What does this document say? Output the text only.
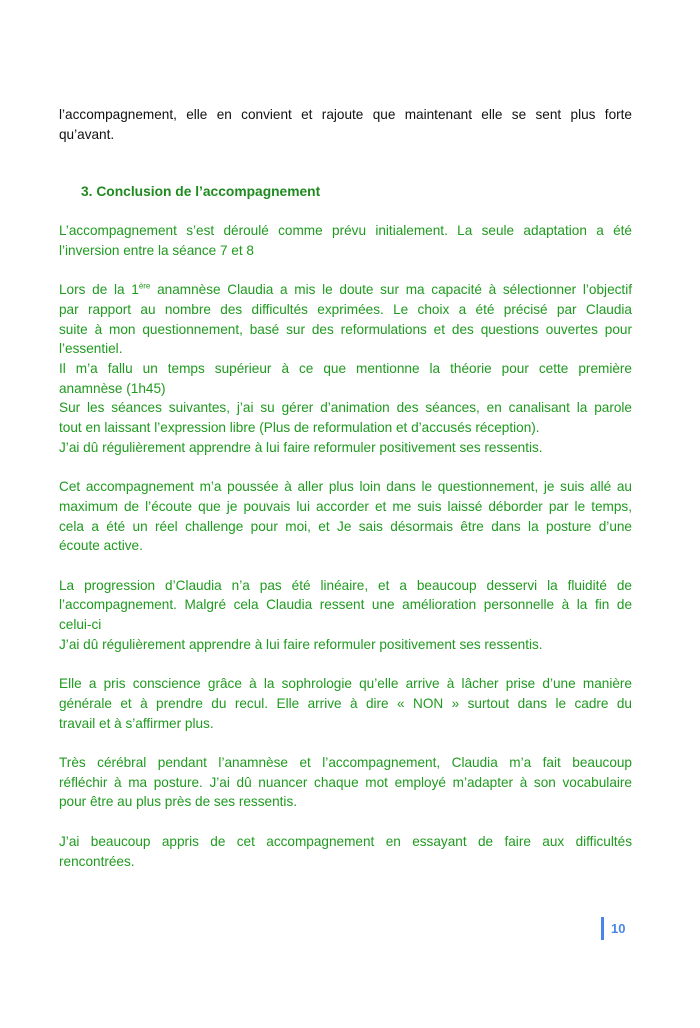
l’accompagnement, elle en convient et rajoute que maintenant elle se sent plus forte
qu’avant.
3. Conclusion de l’accompagnement
L’accompagnement s’est déroulé comme prévu initialement. La seule adaptation a été
l’inversion entre la séance 7 et 8
Lors de la 1ère anamnèse Claudia a mis le doute sur ma capacité à sélectionner l’objectif
par rapport au nombre des difficultés exprimées. Le choix a été précisé par Claudia
suite à mon questionnement, basé sur des reformulations et des questions ouvertes pour
l’essentiel.
Il m’a fallu un temps supérieur à ce que mentionne la théorie pour cette première
anamnèse (1h45)
Sur les séances suivantes, j’ai su gérer d’animation des séances, en canalisant la parole
tout en laissant l’expression libre (Plus de reformulation et d’accusés réception).
J’ai dû régulièrement apprendre à lui faire reformuler positivement ses ressentis.
Cet accompagnement m’a poussée à aller plus loin dans le questionnement, je suis allé au
maximum de l’écoute que je pouvais lui accorder et me suis laissé déborder par le temps,
cela a été un réel challenge pour moi, et Je sais désormais être dans la posture d’une
écoute active.
La progression d’Claudia n’a pas été linéaire, et a beaucoup desservi la fluidité de
l’accompagnement. Malgré cela Claudia ressent une amélioration personnelle à la fin de
celui-ci
J’ai dû régulièrement apprendre à lui faire reformuler positivement ses ressentis.
Elle a pris conscience grâce à la sophrologie qu’elle arrive à lâcher prise d’une manière
générale et à prendre du recul. Elle arrive à dire « NON » surtout dans le cadre du
travail et à s’affirmer plus.
Très cérébral pendant l’anamnèse et l’accompagnement, Claudia m’a fait beaucoup
réfléchir à ma posture. J’ai dû nuancer chaque mot employé m’adapter à son vocabulaire
pour être au plus près de ses ressentis.
J’ai beaucoup appris de cet accompagnement en essayant de faire aux difficultés
rencontrées.
10
